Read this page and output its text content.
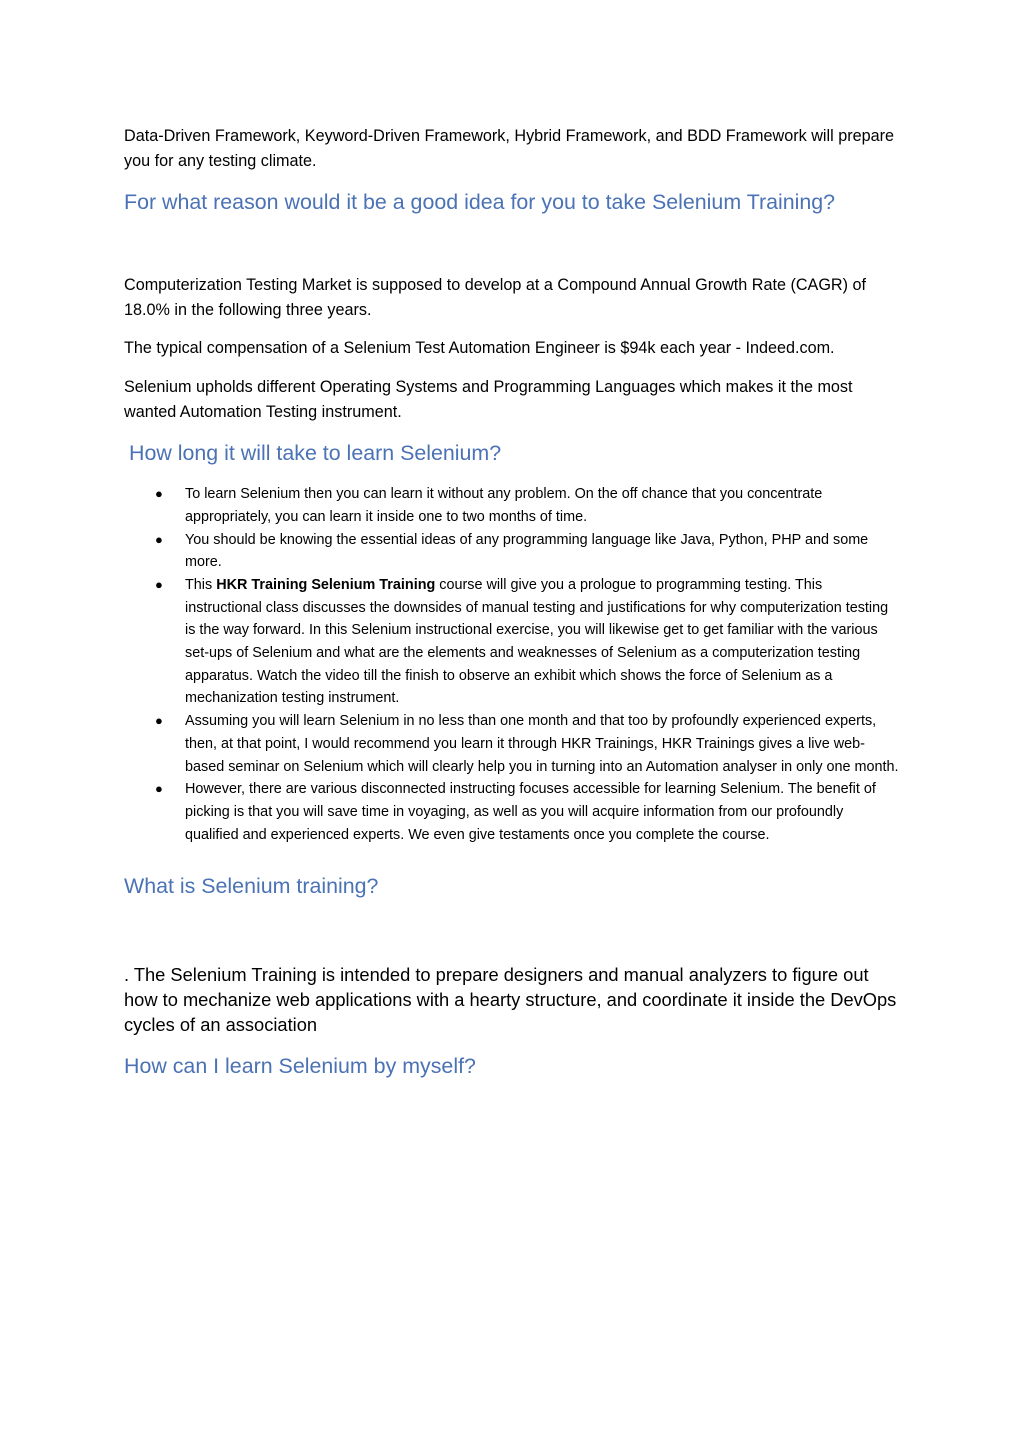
Data-Driven Framework, Keyword-Driven Framework, Hybrid Framework, and BDD Framework will prepare you for any testing climate.

For what reason would it be a good idea for you to take Selenium Training?

Computerization Testing Market is supposed to develop at a Compound Annual Growth Rate (CAGR) of 18.0% in the following three years.

The typical compensation of a Selenium Test Automation Engineer is $94k each year - Indeed.com.

Selenium upholds different Operating Systems and Programming Languages which makes it the most wanted Automation Testing instrument.

How long it will take to learn Selenium?
● To learn Selenium then you can learn it without any problem. On the off chance that you concentrate appropriately, you can learn it inside one to two months of time.
● You should be knowing the essential ideas of any programming language like Java, Python, PHP and some more.
● This HKR Training Selenium Training course will give you a prologue to programming testing. This instructional class discusses the downsides of manual testing and justifications for why computerization testing is the way forward. In this Selenium instructional exercise, you will likewise get to get familiar with the various set-ups of Selenium and what are the elements and weaknesses of Selenium as a computerization testing apparatus. Watch the video till the finish to observe an exhibit which shows the force of Selenium as a mechanization testing instrument.
● Assuming you will learn Selenium in no less than one month and that too by profoundly experienced experts, then, at that point, I would recommend you learn it through HKR Trainings, HKR Trainings gives a live web-based seminar on Selenium which will clearly help you in turning into an Automation analyser in only one month.
● However, there are various disconnected instructing focuses accessible for learning Selenium. The benefit of picking is that you will save time in voyaging, as well as you will acquire information from our profoundly qualified and experienced experts. We even give testaments once you complete the course.
What is Selenium training?

. The Selenium Training is intended to prepare designers and manual analyzers to figure out how to mechanize web applications with a hearty structure, and coordinate it inside the DevOps cycles of an association

How can I learn Selenium by myself?
